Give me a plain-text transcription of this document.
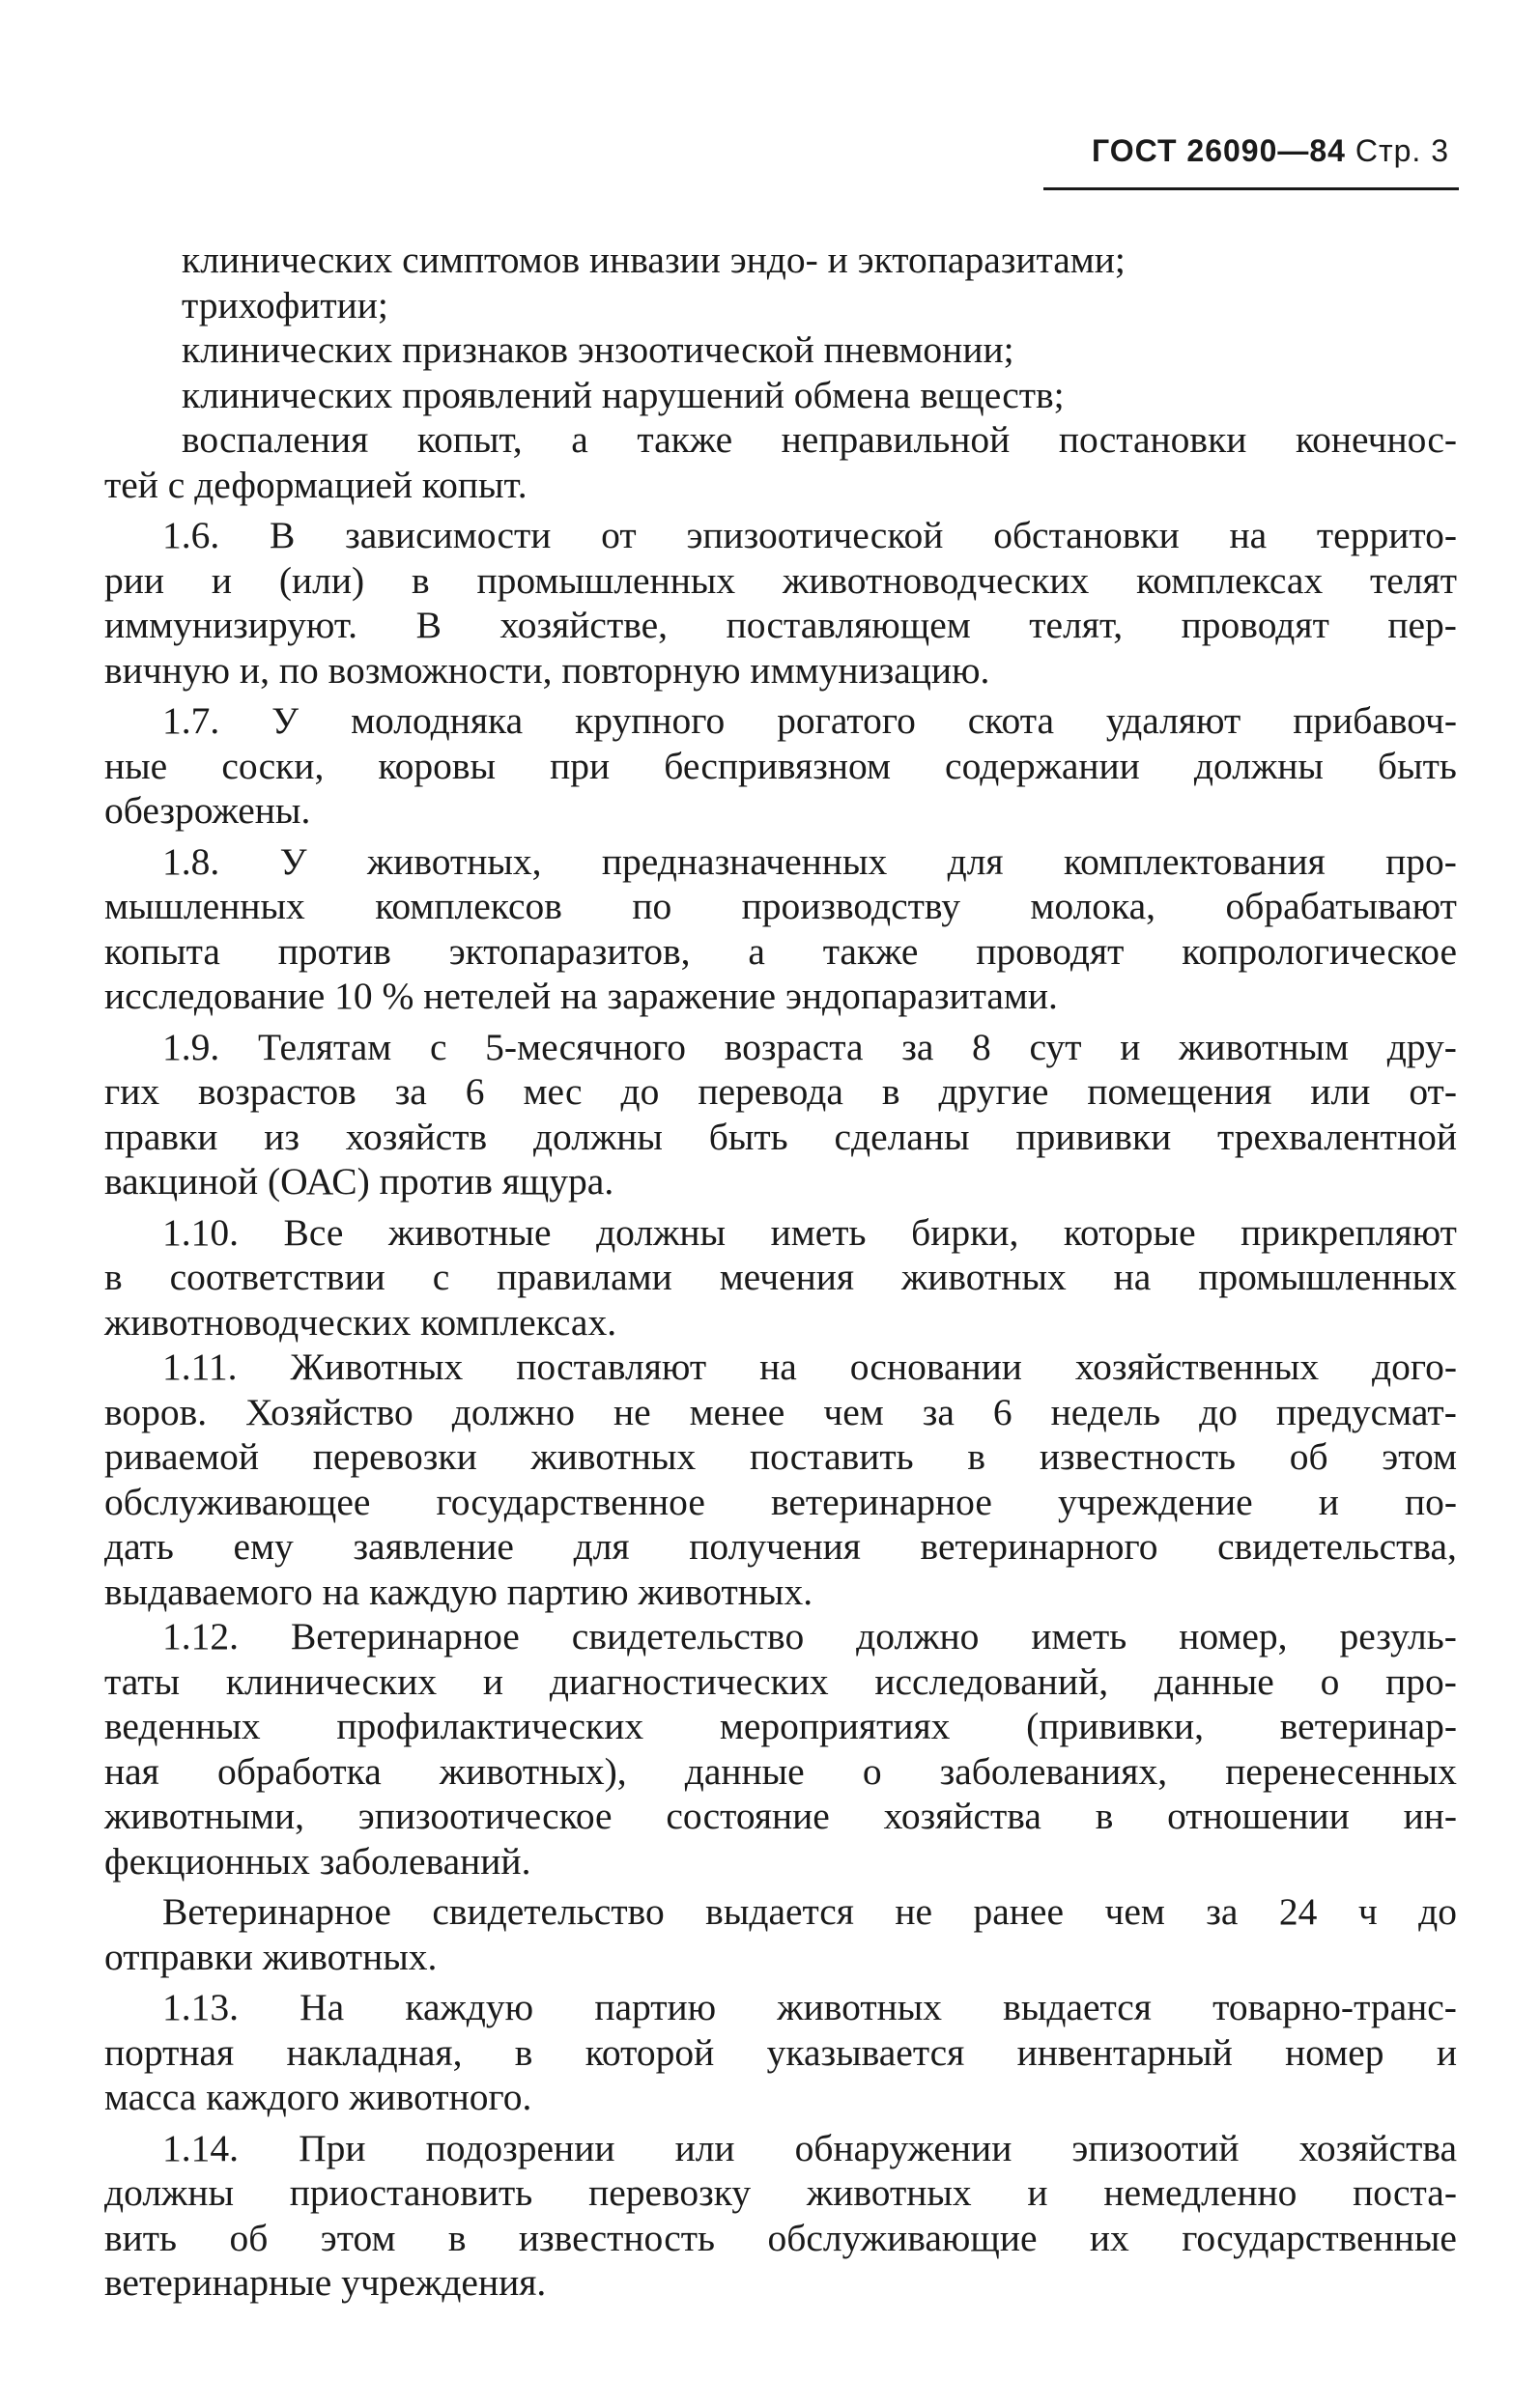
ГОСТ 26090—84 Стр. 3
клинических симптомов инвазии эндо- и эктопаразитами;
трихофитии;
клинических признаков энзоотической пневмонии;
клинических проявлений нарушений обмена веществ;
воспаления копыт, а также неправильной постановки конечнос-
тей с деформацией копыт.
1.6. В зависимости от эпизоотической обстановки на террито-
рии и (или) в промышленных животноводческих комплексах телят
иммунизируют. В хозяйстве, поставляющем телят, проводят пер-
вичную и, по возможности, повторную иммунизацию.
1.7. У молодняка крупного рогатого скота удаляют прибавоч-
ные соски, коровы при беспривязном содержании должны быть
обезрожены.
1.8. У животных, предназначенных для комплектования про-
мышленных комплексов по производству молока, обрабатывают
копыта против эктопаразитов, а также проводят копрологическое
исследование 10 % нетелей на заражение эндопаразитами.
1.9. Телятам с 5-месячного возраста за 8 сут и животным дру-
гих возрастов за 6 мес до перевода в другие помещения или от-
правки из хозяйств должны быть сделаны прививки трехвалентной
вакциной (ОАС) против ящура.
1.10. Все животные должны иметь бирки, которые прикрепляют
в соответствии с правилами мечения животных на промышленных
животноводческих комплексах.
1.11. Животных поставляют на основании хозяйственных дого-
воров. Хозяйство должно не менее чем за 6 недель до предусмат-
риваемой перевозки животных поставить в известность об этом
обслуживающее государственное ветеринарное учреждение и по-
дать ему заявление для получения ветеринарного свидетельства,
выдаваемого на каждую партию животных.
1.12. Ветеринарное свидетельство должно иметь номер, резуль-
таты клинических и диагностических исследований, данные о про-
веденных профилактических мероприятиях (прививки, ветеринар-
ная обработка животных), данные о заболеваниях, перенесенных
животными, эпизоотическое состояние хозяйства в отношении ин-
фекционных заболеваний.
Ветеринарное свидетельство выдается не ранее чем за 24 ч до
отправки животных.
1.13. На каждую партию животных выдается товарно-транс-
портная накладная, в которой указывается инвентарный номер и
масса каждого животного.
1.14. При подозрении или обнаружении эпизоотий хозяйства
должны приостановить перевозку животных и немедленно поста-
вить об этом в известность обслуживающие их государственные
ветеринарные учреждения.
